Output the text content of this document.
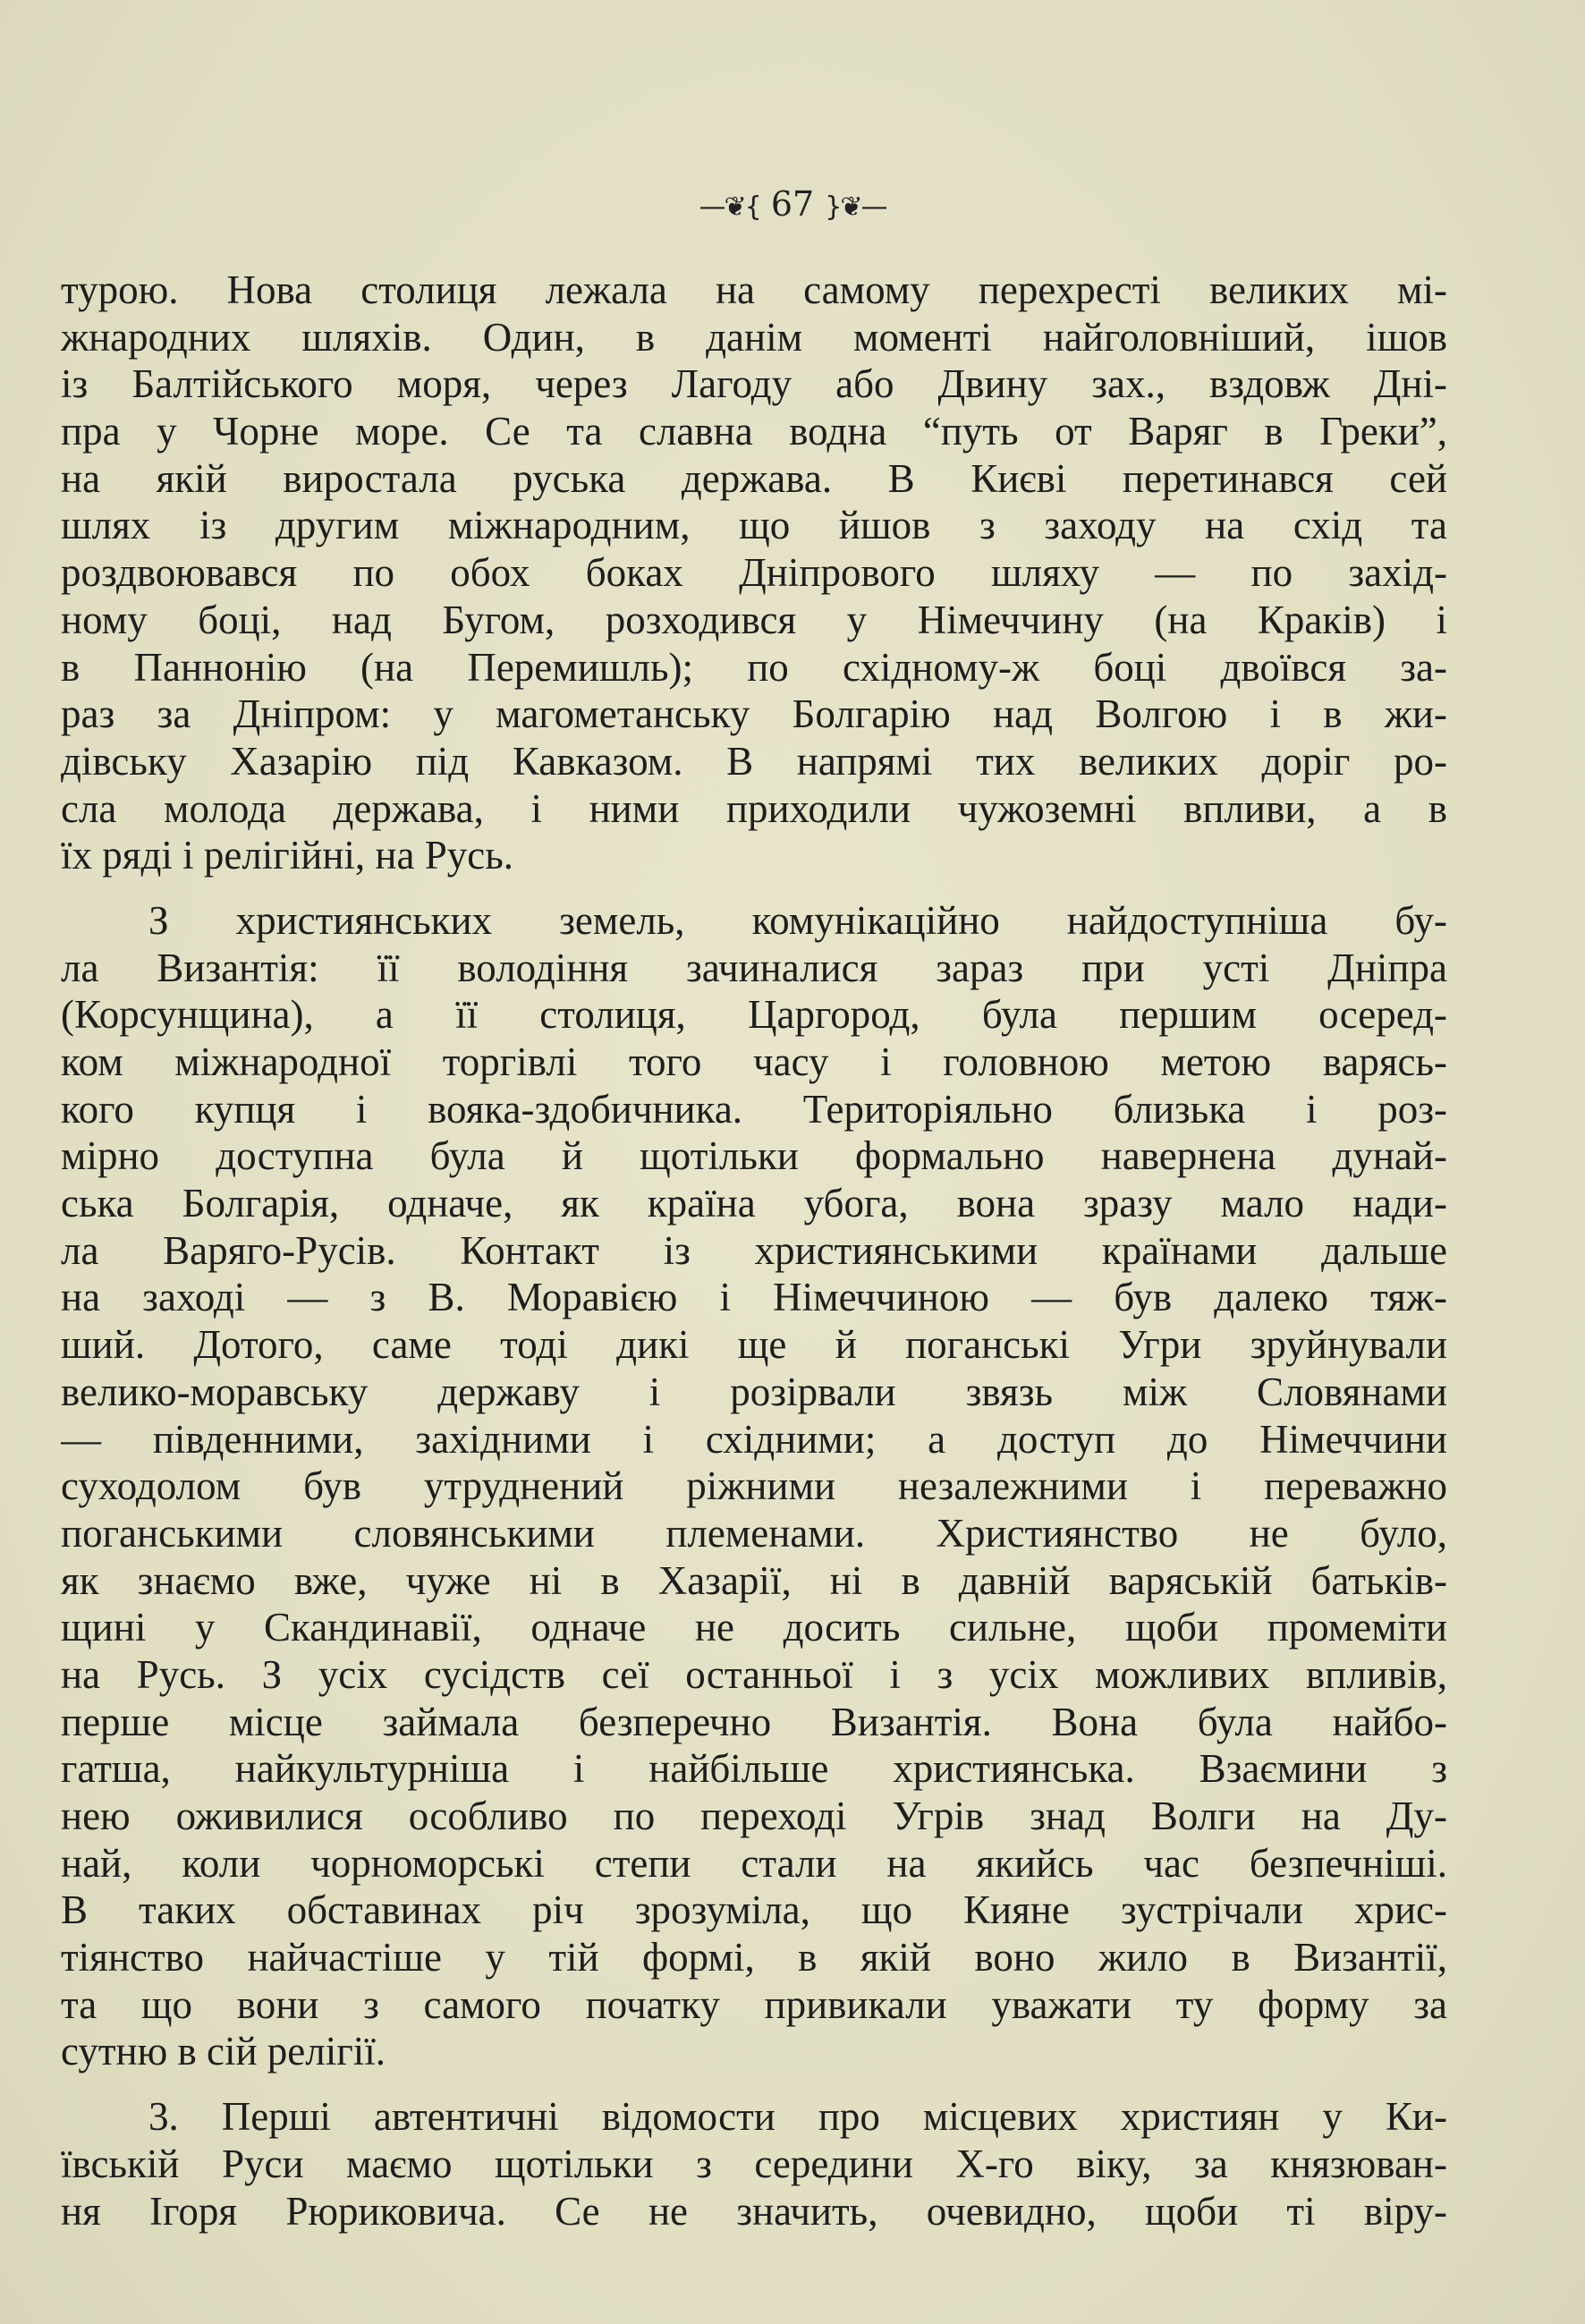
—❦{ 67 }❦—
турою. Нова столиця лежала на самому перехресті великих мі-
жнародних шляхів. Один, в данім моменті найголовніший, ішов
із Балтійського моря, через Лагоду або Двину зах., вздовж Дні-
пра у Чорне море. Се та славна водна “путь от Варяг в Греки”,
на якій виростала руська держава. В Києві перетинався сей
шлях із другим міжнародним, що йшов з заходу на схід та
роздвоювався по обох боках Дніпрового шляху — по захід-
ному боці, над Бугом, розходився у Німеччину (на Краків) і
в Паннонію (на Перемишль); по східному-ж боці двоївся за-
раз за Дніпром: у магометанську Болгарію над Волгою і в жи-
дівську Хазарію під Кавказом. В напрямі тих великих доріг ро-
сла молода держава, і ними приходили чужоземні впливи, а в
їх ряді і релігійні, на Русь.
З християнських земель, комунікаційно найдоступніша бу-
ла Византія: її володіння зачиналися зараз при усті Дніпра
(Корсунщина), а її столиця, Царгород, була першим осеред-
ком міжнародної торгівлі того часу і головною метою варясь-
кого купця і вояка-здобичника. Територіяльно близька і роз-
мірно доступна була й щотільки формально навернена дунай-
ська Болгарія, одначе, як країна убога, вона зразу мало нади-
ла Варяго-Русів. Контакт із християнськими країнами дальше
на заході — з В. Моравією і Німеччиною — був далеко тяж-
ший. Дотого, саме тоді дикі ще й поганські Угри зруйнували
велико-моравську державу і розірвали звязь між Словянами
— південними, західними і східними; а доступ до Німеччини
суходолом був утруднений ріжними незалежними і переважно
поганськими словянськими племенами. Християнство не було,
як знаємо вже, чуже ні в Хазарії, ні в давній варяській батьків-
щині у Скандинавії, одначе не досить сильне, щоби промеміти
на Русь. З усіх сусідств сеї останньої і з усіх можливих впливів,
перше місце займала безперечно Византія. Вона була найбо-
гатша, найкультурніша і найбільше християнська. Взаємини з
нею оживилися особливо по переході Угрів знад Волги на Ду-
най, коли чорноморські степи стали на якийсь час безпечніші.
В таких обставинах річ зрозуміла, що Кияне зустрічали хрис-
тіянство найчастіше у тій формі, в якій воно жило в Византії,
та що вони з самого початку привикали уважати ту форму за
сутню в сій релігії.
3. Перші автентичні відомости про місцевих християн у Ки-
ївській Руси маємо щотільки з середини X-го віку, за князюван-
ня Ігоря Рюриковича. Се не значить, очевидно, щоби ті віру-
